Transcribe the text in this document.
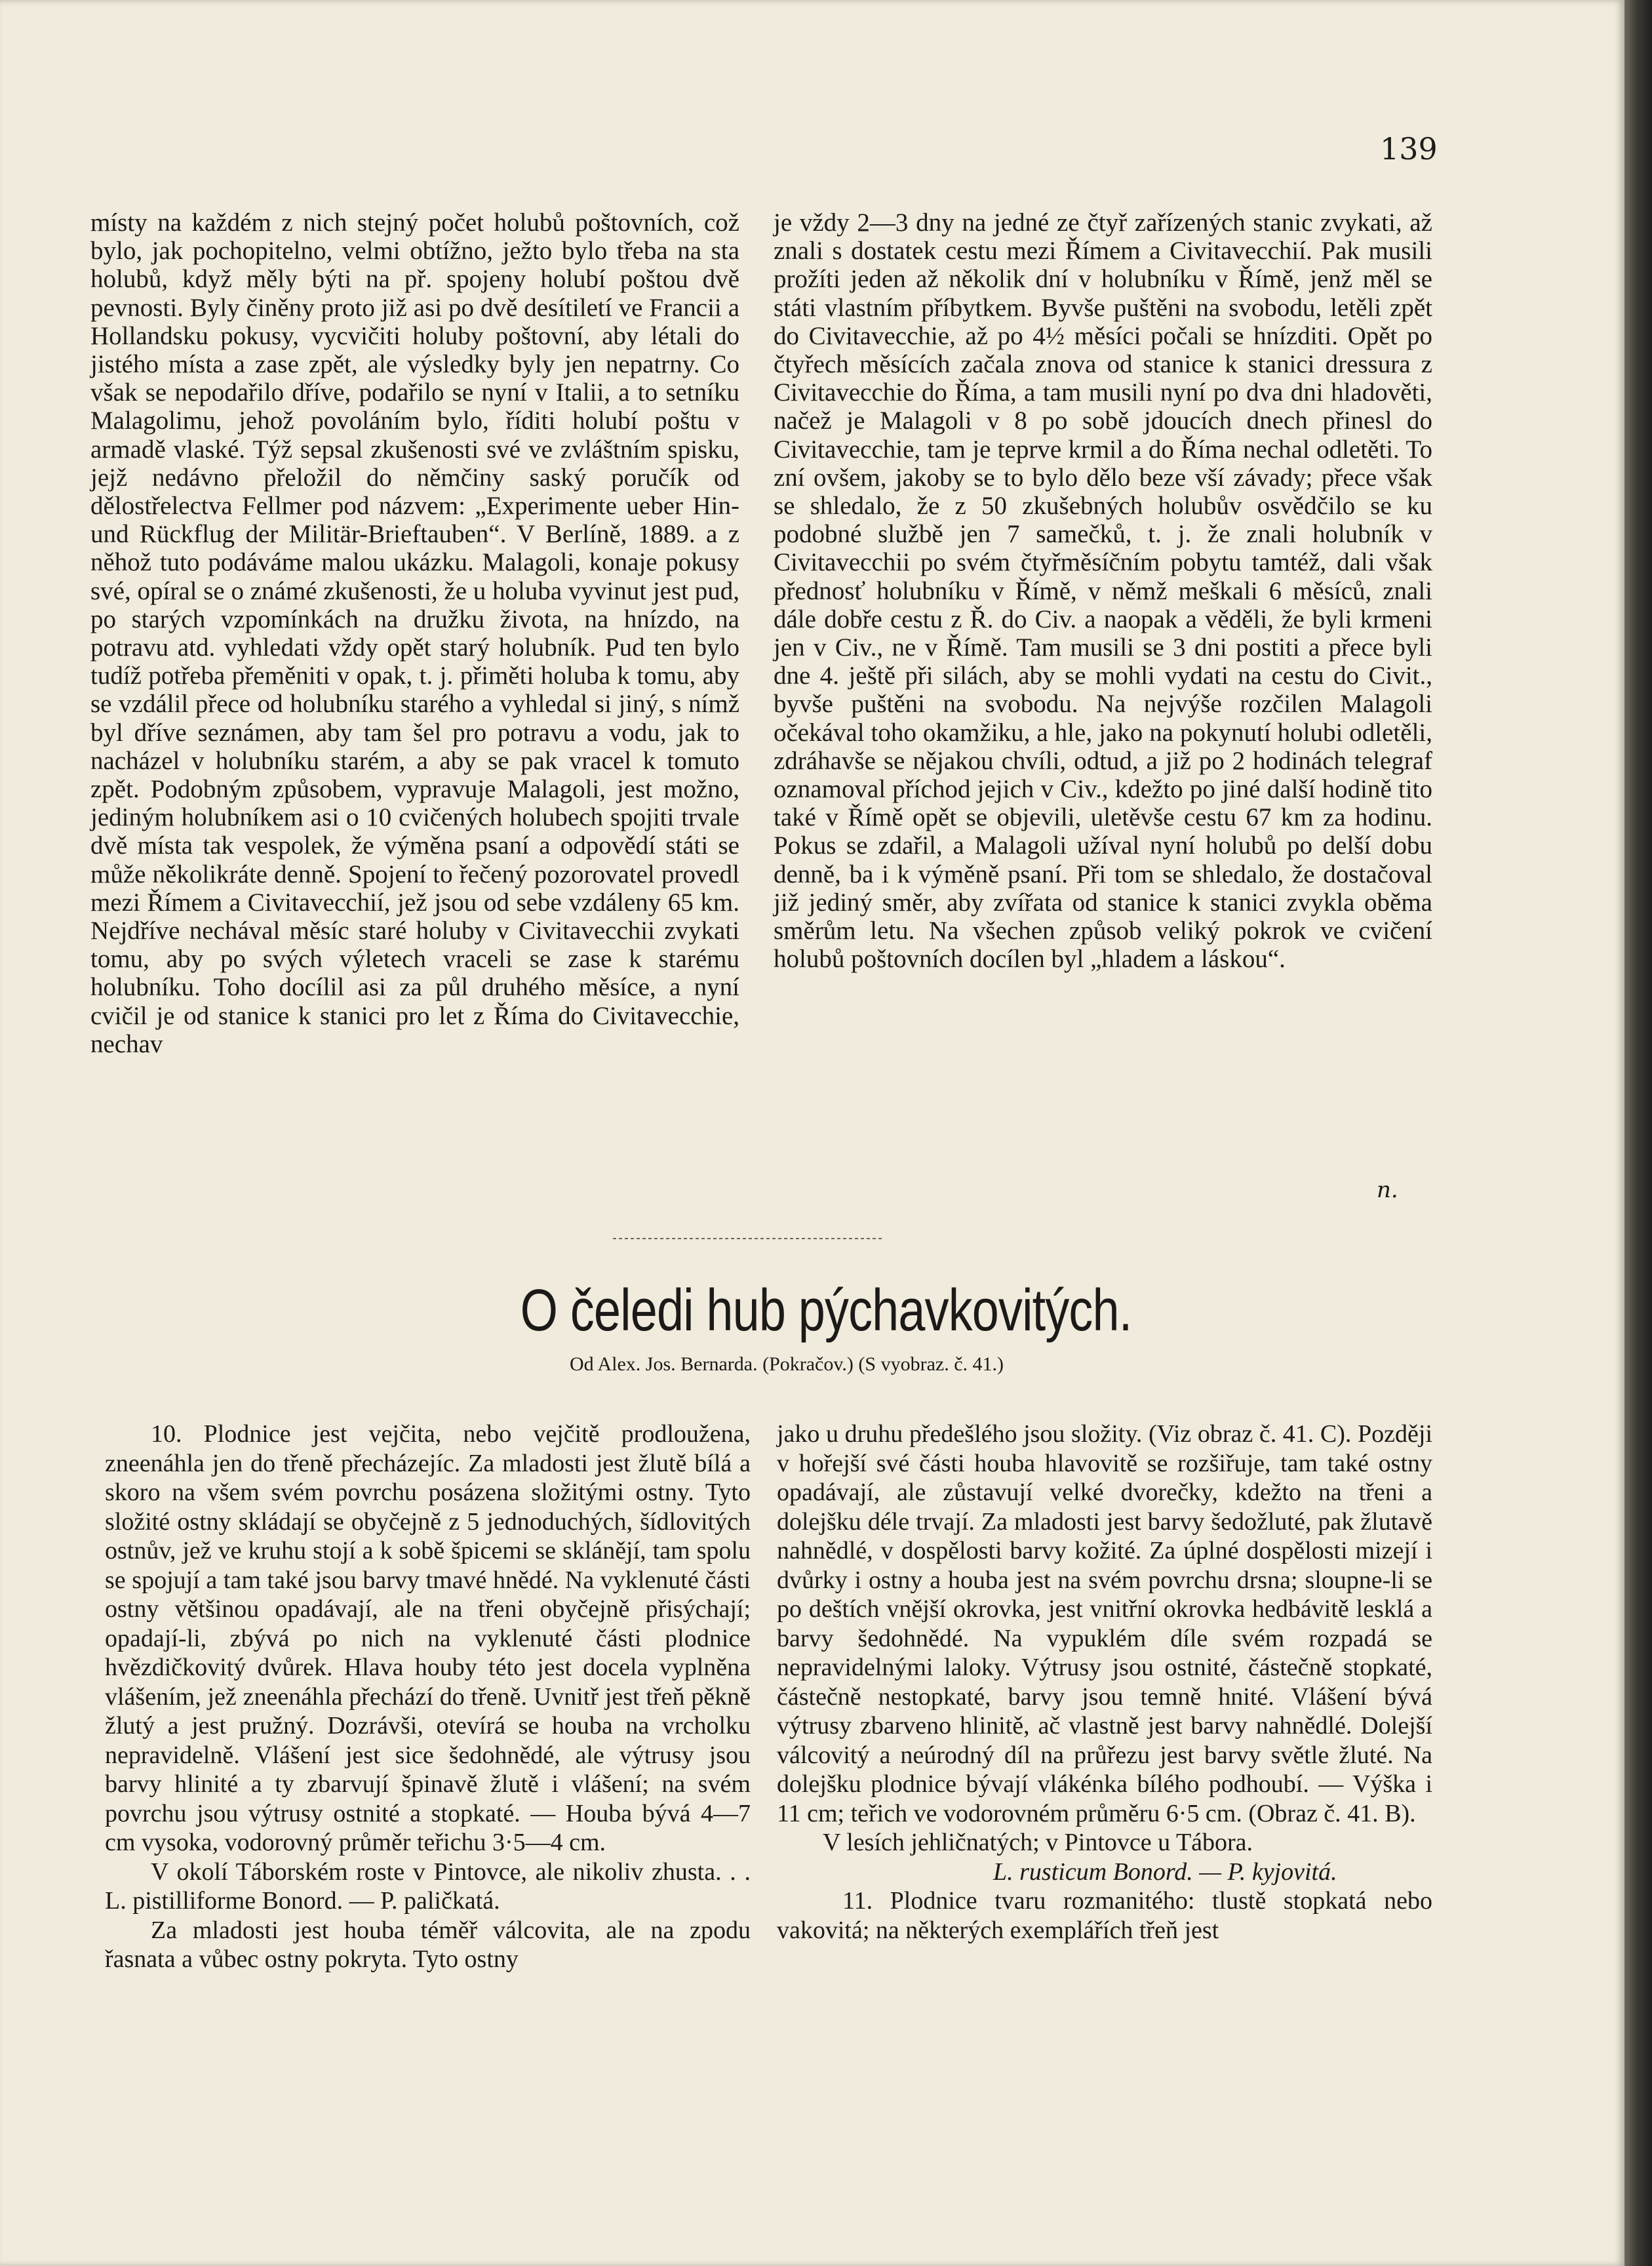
139

místy na každém z nich stejný počet holubů poštovních, což bylo, jak pochopitelno, velmi obtížno, ježto bylo třeba na sta holubů, když měly býti na př. spojeny holubí poštou dvě pevnosti. Byly činěny proto již asi po dvě desítiletí ve Francii a Hollandsku pokusy, vycvičiti holuby poštovní, aby létali do jistého místa a zase zpět, ale výsledky byly jen nepatrny. Co však se nepodařilo dříve, podařilo se nyní v Italii, a to setníku Malagolimu, jehož povoláním bylo, říditi holubí poštu v armadě vlaské. Týž sepsal zkušenosti své ve zvláštním spisku, jejž nedávno přeložil do němčiny saský poručík od dělostřelectva Fellmer pod názvem: „Experimente ueber Hin- und Rückflug der Militär-Brieftauben“. V Berlíně, 1889. a z něhož tuto podáváme malou ukázku. Malagoli, konaje pokusy své, opíral se o známé zkušenosti, že u holuba vyvinut jest pud, po starých vzpomínkách na družku života, na hnízdo, na potravu atd. vyhledati vždy opět starý holubník. Pud ten bylo tudíž potřeba přeměniti v opak, t. j. přiměti holuba k tomu, aby se vzdálil přece od holubníku starého a vyhledal si jiný, s nímž byl dříve seznámen, aby tam šel pro potravu a vodu, jak to nacházel v holubníku starém, a aby se pak vracel k tomuto zpět. Podobným způsobem, vypravuje Malagoli, jest možno, jediným holubníkem asi o 10 cvičených holubech spojiti trvale dvě místa tak vespolek, že výměna psaní a odpovědí státi se může několikráte denně. Spojení to řečený pozorovatel provedl mezi Římem a Civitavecchií, jež jsou od sebe vzdáleny 65 km. Nejdříve nechával měsíc staré holuby v Civitavecchii zvykati tomu, aby po svých výletech vraceli se zase k starému holubníku. Toho docílil asi za půl druhého měsíce, a nyní cvičil je od stanice k stanici pro let z Říma do Civitavecchie, nechav

je vždy 2—3 dny na jedné ze čtyř zařízených stanic zvykati, až znali s dostatek cestu mezi Římem a Civitavecchií. Pak musili prožíti jeden až několik dní v holubníku v Římě, jenž měl se státi vlastním příbytkem. Byvše puštěni na svobodu, letěli zpět do Civitavecchie, až po 4½ měsíci počali se hnízditi. Opět po čtyřech měsících začala znova od stanice k stanici dressura z Civitavecchie do Říma, a tam musili nyní po dva dni hladověti, načež je Malagoli v 8 po sobě jdoucích dnech přinesl do Civitavecchie, tam je teprve krmil a do Říma nechal odletěti. To zní ovšem, jakoby se to bylo dělo beze vší závady; přece však se shledalo, že z 50 zkušebných holubův osvědčilo se ku podobné službě jen 7 samečků, t. j. že znali holubník v Civitavecchii po svém čtyřměsíčním pobytu tamtéž, dali však přednosť holubníku v Římě, v němž meškali 6 měsíců, znali dále dobře cestu z Ř. do Civ. a naopak a věděli, že byli krmeni jen v Civ., ne v Římě. Tam musili se 3 dni postiti a přece byli dne 4. ještě při silách, aby se mohli vydati na cestu do Civit., byvše puštěni na svobodu. Na nejvýše rozčilen Malagoli očekával toho okamžiku, a hle, jako na pokynutí holubi odletěli, zdráhavše se nějakou chvíli, odtud, a již po 2 hodinách telegraf oznamoval příchod jejich v Civ., kdežto po jiné další hodině tito také v Římě opět se objevili, uletěvše cestu 67 km za hodinu. Pokus se zdařil, a Malagoli užíval nyní holubů po delší dobu denně, ba i k výměně psaní. Při tom se shledalo, že dostačoval již jediný směr, aby zvířata od stanice k stanici zvykla oběma směrům letu. Na všechen způsob veliký pokrok ve cvičení holubů poštovních docílen byl „hladem a láskou“.

n.
O čeledi hub pýchavkovitých.
Od Alex. Jos. Bernarda. (Pokračov.) (S vyobraz. č. 41.)

10. Plodnice jest vejčita, nebo vejčitě prodloužena, zneenáhla jen do třeně přecházejíc. Za mladosti jest žlutě bílá a skoro na všem svém povrchu posázena složitými ostny. Tyto složité ostny skládají se obyčejně z 5 jednoduchých, šídlovitých ostnův, jež ve kruhu stojí a k sobě špicemi se sklánějí, tam spolu se spojují a tam také jsou barvy tmavé hnědé. Na vyklenuté části ostny většinou opadávají, ale na třeni obyčejně přisýchají; opadají-li, zbývá po nich na vyklenuté části plodnice hvězdičkovitý dvůrek. Hlava houby této jest docela vyplněna vlášením, jež zneenáhla přechází do třeně. Uvnitř jest třeň pěkně žlutý a jest pružný. Dozrávši, otevírá se houba na vrcholku nepravidelně. Vlášení jest sice šedohnědé, ale výtrusy jsou barvy hlinité a ty zbarvují špinavě žlutě i vlášení; na svém povrchu jsou výtrusy ostnité a stopkaté. — Houba bývá 4—7 cm vysoka, vodorovný průměr teřichu 3·5—4 cm.

V okolí Táborském roste v Pintovce, ale nikoliv zhusta. . . L. pistilliforme Bonord. — P. paličkatá.

Za mladosti jest houba téměř válcovita, ale na zpodu řasnata a vůbec ostny pokryta. Tyto ostny

jako u druhu předešlého jsou složity. (Viz obraz č. 41. C). Později v hořejší své části houba hlavovitě se rozšiřuje, tam také ostny opadávají, ale zůstavují velké dvorečky, kdežto na třeni a dolejšku déle trvají. Za mladosti jest barvy šedožluté, pak žlutavě nahnědlé, v dospělosti barvy kožité. Za úplné dospělosti mizejí i dvůrky i ostny a houba jest na svém povrchu drsna; sloupne-li se po deštích vnější okrovka, jest vnitřní okrovka hedbávitě lesklá a barvy šedohnědé. Na vypuklém díle svém rozpadá se nepravidelnými laloky. Výtrusy jsou ostnité, částečně stopkaté, částečně nestopkaté, barvy jsou temně hnité. Vlášení bývá výtrusy zbarveno hlinitě, ač vlastně jest barvy nahnědlé. Dolejší válcovitý a neúrodný díl na průřezu jest barvy světle žluté. Na dolejšku plodnice bývají vlákénka bílého podhoubí. — Výška i 11 cm; teřich ve vodorovném průměru 6·5 cm. (Obraz č. 41. B).

V lesích jehličnatých; v Pintovce u Tábora.

L. rusticum Bonord. — P. kyjovitá.

11. Plodnice tvaru rozmanitého: tlustě stopkatá nebo vakovitá; na některých exemplářích třeň jest
